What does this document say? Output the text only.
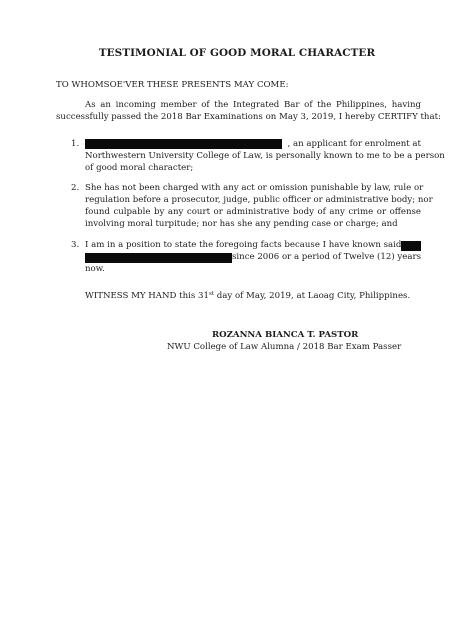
TESTIMONIAL OF GOOD MORAL CHARACTER
TO WHOMSOE'VER THESE PRESENTS MAY COME:
As an incoming member of the Integrated Bar of the Philippines, having
successfully passed the 2018 Bar Examinations on May 3, 2019, I hereby CERTIFY that:
1.	, an applicant for enrolment at
Northwestern University College of Law, is personally known to me to be a person
of good moral character;
2. She has not been charged with any act or omission punishable by law, rule or
regulation before a prosecutor, judge, public officer or administrative body; nor
found culpable by any court or administrative body of any crime or offense
involving moral turpitude; nor has she any pending case or charge; and
3. I am in a position to state the foregoing facts because I have known said
since 2006 or a period of Twelve (12) years
now.
WITNESS MY HAND this 31st day of May, 2019, at Laoag City, Philippines.
ROZANNA BIANCA T. PASTOR
NWU College of Law Alumna / 2018 Bar Exam Passer
